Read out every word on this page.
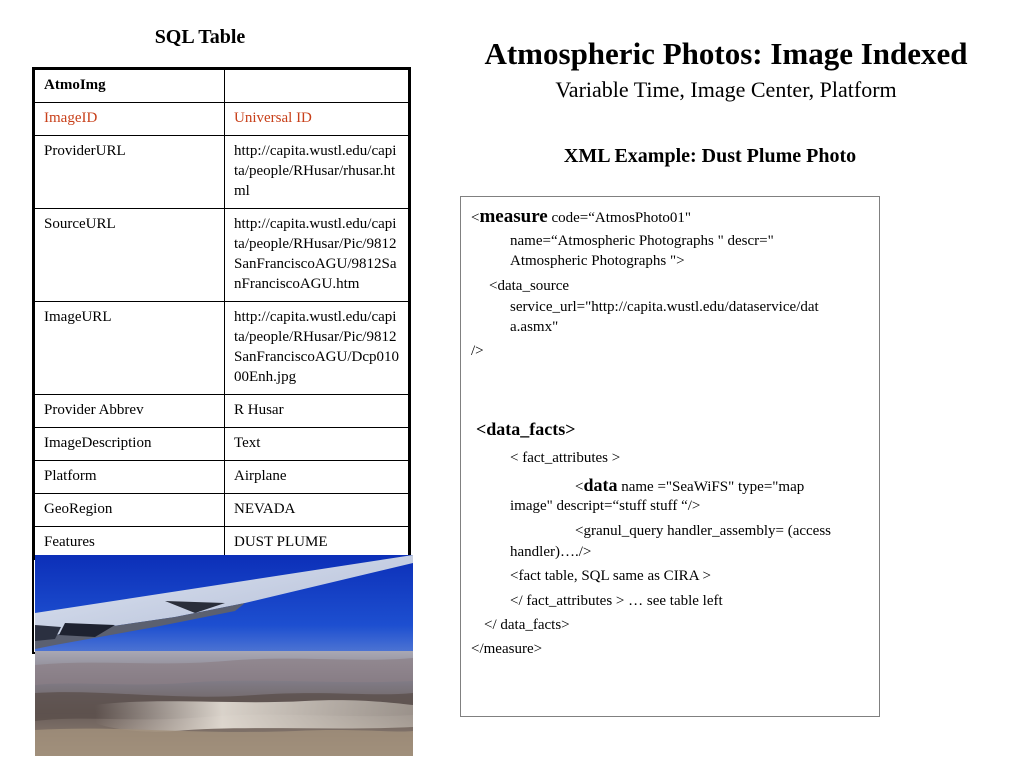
SQL Table
AtmoImg	
ImageID	Universal ID
ProviderURL	http://capita.wustl.edu/capita/people/RHusar/rhusar.html
SourceURL	http://capita.wustl.edu/capita/people/RHusar/Pic/9812SanFranciscoAGU/9812SanFranciscoAGU.htm
ImageURL	http://capita.wustl.edu/capita/people/RHusar/Pic/9812SanFranciscoAGU/Dcp01000Enh.jpg
Provider Abbrev	R Husar
ImageDescription	Text
Platform	Airplane
GeoRegion	NEVADA
Features	DUST PLUME
Atmospheric Photos: Image Indexed
Variable Time, Image Center, Platform
XML Example: Dust Plume Photo
<measure code=“AtmosPhoto01"
name=“Atmospheric Photographs " descr="
Atmospheric Photographs ">
<data_source
service_url="http://capita.wustl.edu/dataservice/dat
a.asmx"
/>
<data_facts>
< fact_attributes >
<data name ="SeaWiFS" type="map
image" descript=“stuff stuff “/>
<granul_query handler_assembly= (access
handler)…./>
<fact table, SQL same as CIRA >
</ fact_attributes > … see table left
</ data_facts>
</measure>
